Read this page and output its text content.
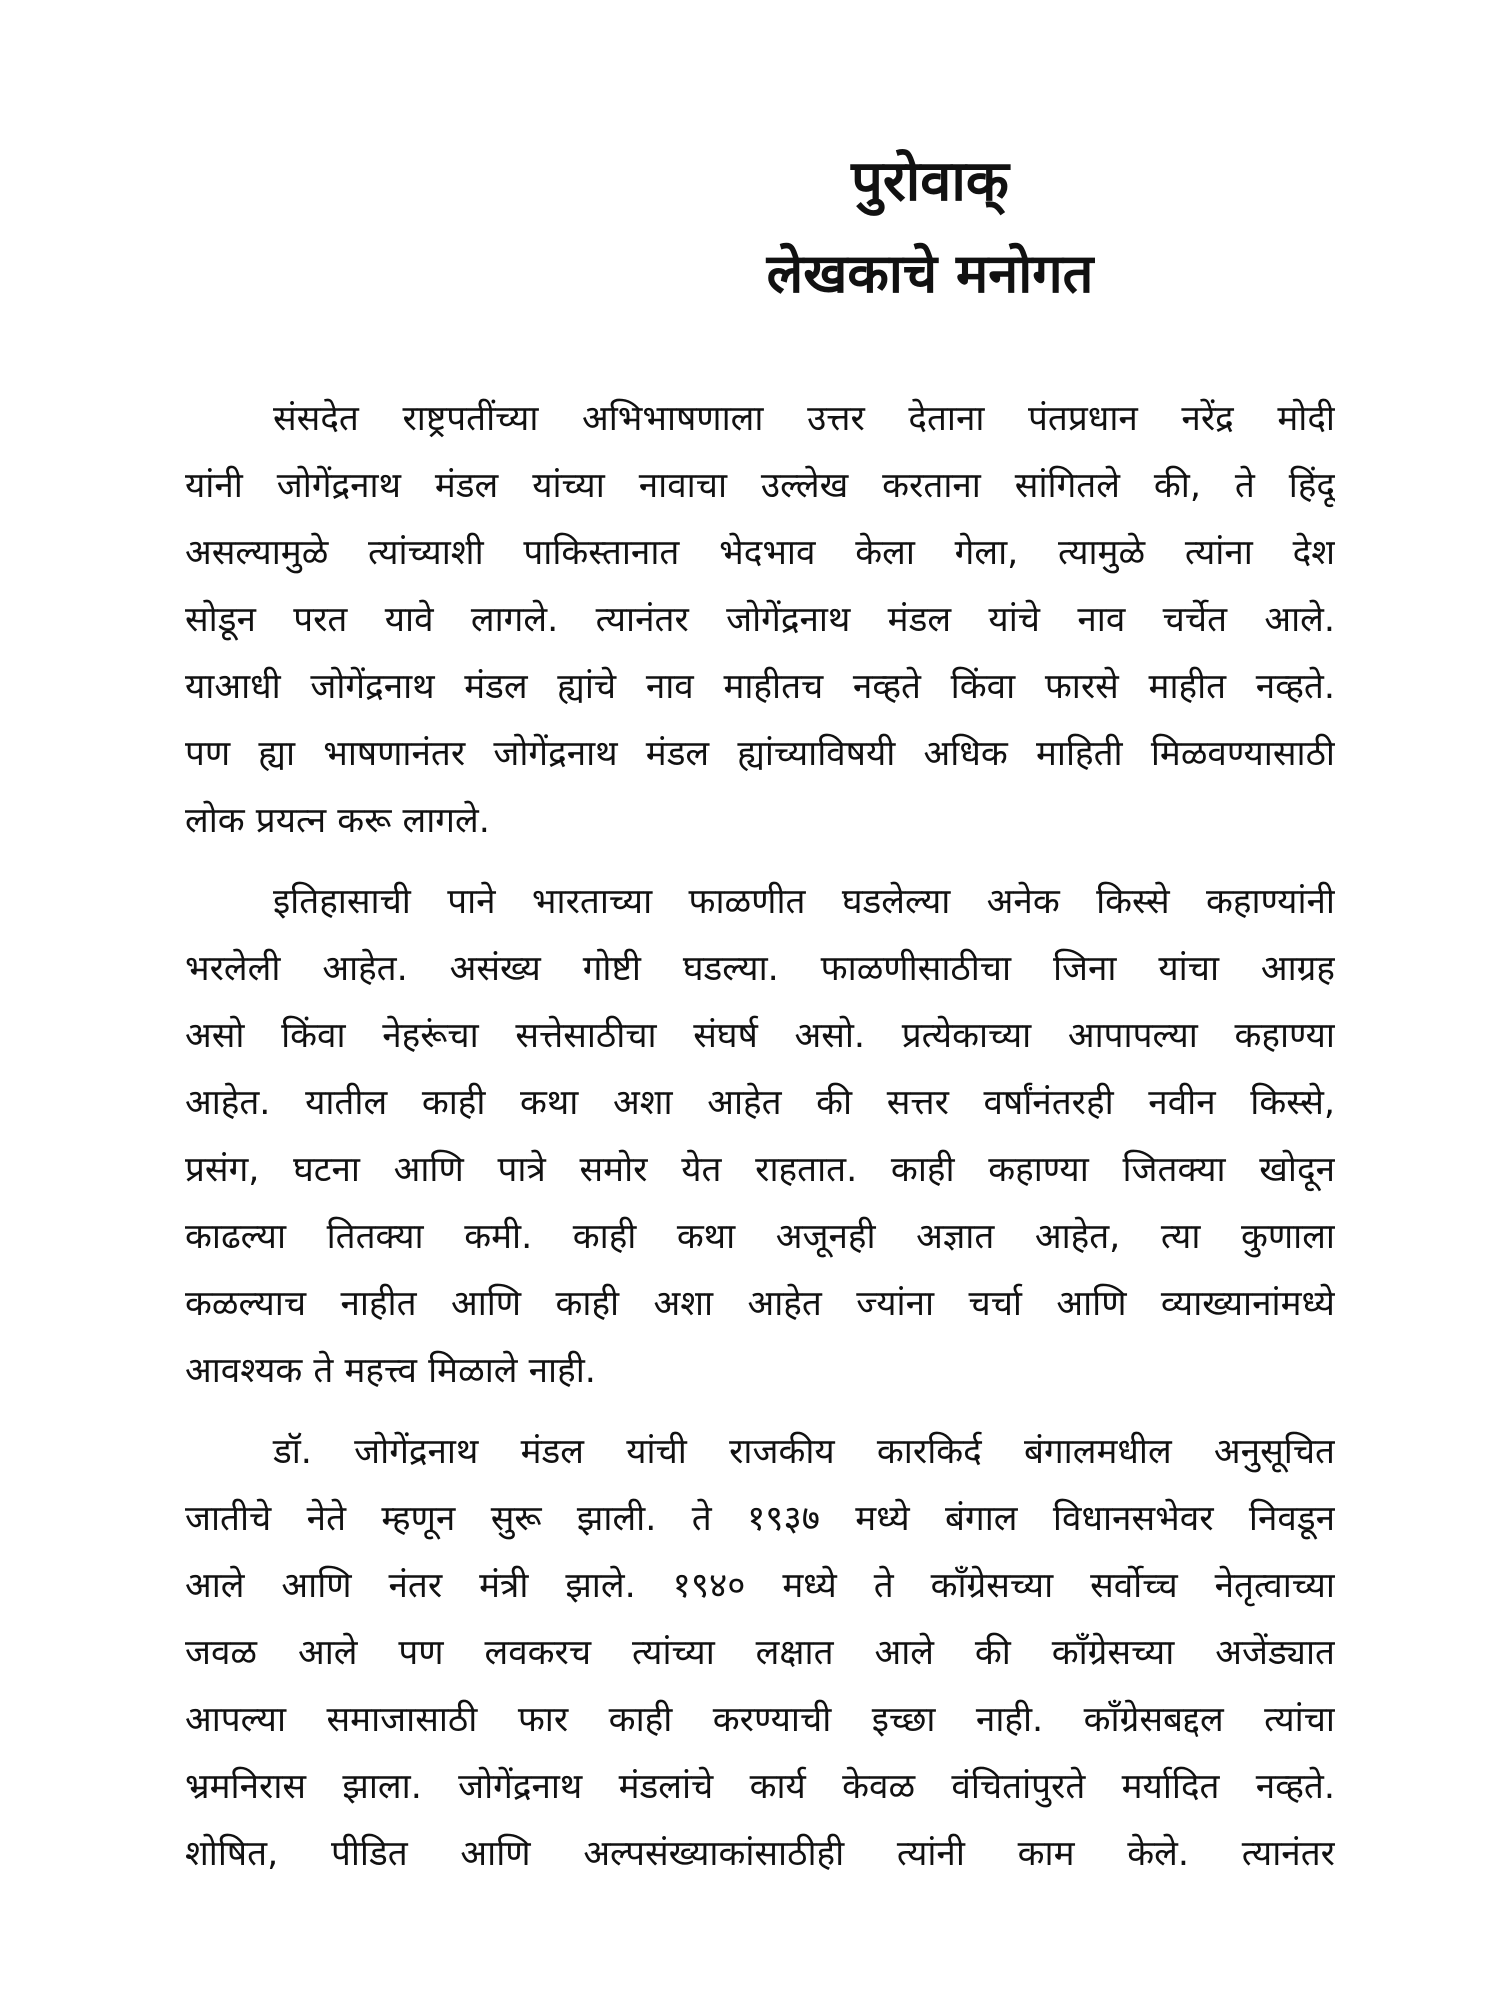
पुरोवाक्
लेखकाचे मनोगत
संसदेत राष्ट्रपतींच्या अभिभाषणाला उत्तर देताना पंतप्रधान नरेंद्र मोदी
यांनी जोगेंद्रनाथ मंडल यांच्या नावाचा उल्लेख करताना सांगितले की, ते हिंदू
असल्यामुळे त्यांच्याशी पाकिस्तानात भेदभाव केला गेला, त्यामुळे त्यांना देश
सोडून परत यावे लागले. त्यानंतर जोगेंद्रनाथ मंडल यांचे नाव चर्चेत आले.
याआधी जोगेंद्रनाथ मंडल ह्यांचे नाव माहीतच नव्हते किंवा फारसे माहीत नव्हते.
पण ह्या भाषणानंतर जोगेंद्रनाथ मंडल ह्यांच्याविषयी अधिक माहिती मिळवण्यासाठी
लोक प्रयत्न करू लागले.
इतिहासाची पाने भारताच्या फाळणीत घडलेल्या अनेक किस्से कहाण्यांनी
भरलेली आहेत. असंख्य गोष्टी घडल्या. फाळणीसाठीचा जिना यांचा आग्रह
असो किंवा नेहरूंचा सत्तेसाठीचा संघर्ष असो. प्रत्येकाच्या आपापल्या कहाण्या
आहेत. यातील काही कथा अशा आहेत की सत्तर वर्षांनंतरही नवीन किस्से,
प्रसंग, घटना आणि पात्रे समोर येत राहतात. काही कहाण्या जितक्या खोदून
काढल्या तितक्या कमी. काही कथा अजूनही अज्ञात आहेत, त्या कुणाला
कळल्याच नाहीत आणि काही अशा आहेत ज्यांना चर्चा आणि व्याख्यानांमध्ये
आवश्यक ते महत्त्व मिळाले नाही.
डॉ. जोगेंद्रनाथ मंडल यांची राजकीय कारकिर्द बंगालमधील अनुसूचित
जातीचे नेते म्हणून सुरू झाली. ते १९३७ मध्ये बंगाल विधानसभेवर निवडून
आले आणि नंतर मंत्री झाले. १९४० मध्ये ते काँग्रेसच्या सर्वोच्च नेतृत्वाच्या
जवळ आले पण लवकरच त्यांच्या लक्षात आले की काँग्रेसच्या अजेंड्यात
आपल्या समाजासाठी फार काही करण्याची इच्छा नाही. काँग्रेसबद्दल त्यांचा
भ्रमनिरास झाला. जोगेंद्रनाथ मंडलांचे कार्य केवळ वंचितांपुरते मर्यादित नव्हते.
शोषित, पीडित आणि अल्पसंख्याकांसाठीही त्यांनी काम केले. त्यानंतर
